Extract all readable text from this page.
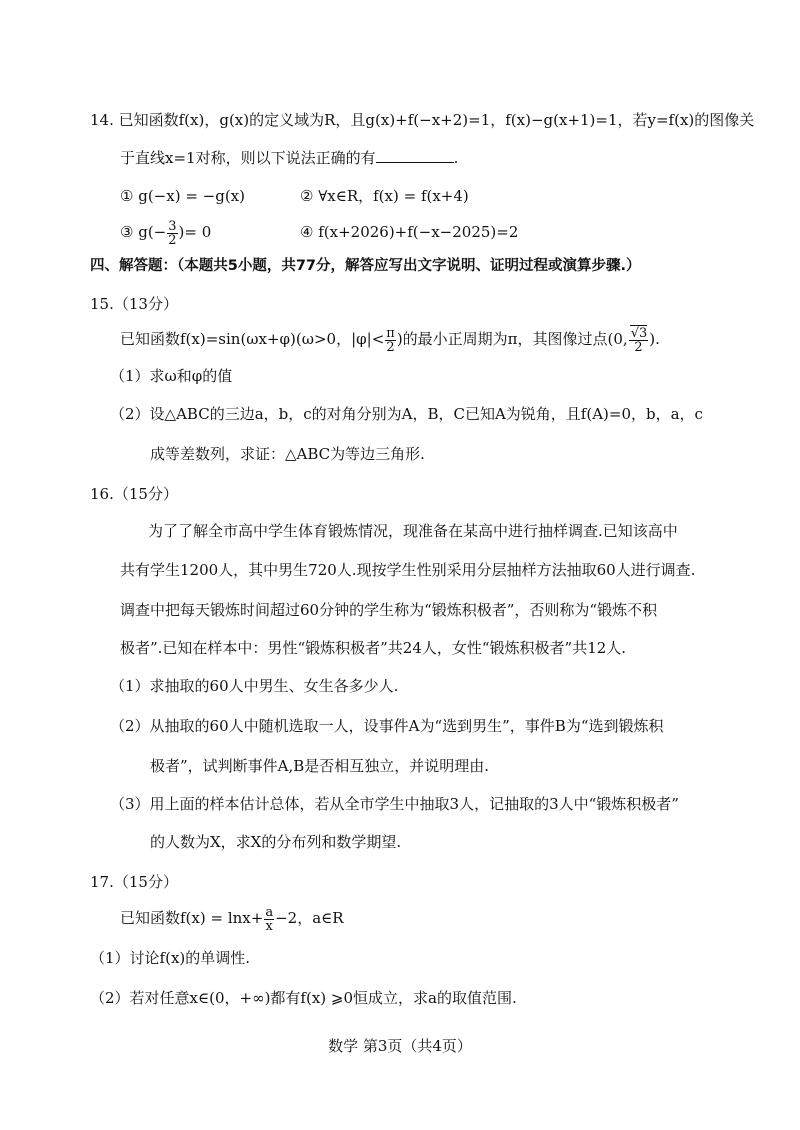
14. 已知函数f(x)，g(x)的定义域为R，且g(x)+f(−x+2)=1，f(x)−g(x+1)=1，若y=f(x)的图像关
于直线x=1对称，则以下说法正确的有	.
① g(−x) = −g(x)	② ∀x∈R，f(x) = f(x+4)
③ $g(- \frac{3}{2}$ )= 0	④ f(x+2026)+f(−x−2025)=2
四、解答题：（本题共5小题，共77分，解答应写出文字说明、证明过程或演算步骤.）
15.（13分）
已知函数f(x)=sin(ωx+φ)(ω>0，$|\varphi|< \frac{\pi}{2}$ )的最小正周期为π，其图像过点(0, $\frac{√3}{2}$ ).
（1）求ω和φ的值
（2）设△ABC的三边a，b，c的对角分别为A，B，C已知A为锐角，且f(A)=0，b，a，c
成等差数列，求证：△ABC为等边三角形.
16.（15分）
为了了解全市高中学生体育锻炼情况，现准备在某高中进行抽样调查.已知该高中
共有学生1200人，其中男生720人.现按学生性别采用分层抽样方法抽取60人进行调查.
调查中把每天锻炼时间超过60分钟的学生称为“锻炼积极者”，否则称为“锻炼不积
极者”.已知在样本中：男性“锻炼积极者”共24人，女性“锻炼积极者”共12人.
（1）求抽取的60人中男生、女生各多少人.
（2）从抽取的60人中随机选取一人，设事件A为“选到男生”，事件B为“选到锻炼积
极者”，试判断事件A,B是否相互独立，并说明理由.
（3）用上面的样本估计总体，若从全市学生中抽取3人，记抽取的3人中“锻炼积极者”
的人数为X，求X的分布列和数学期望.
17.（15分）
已知函数$f(x) = \ln x+ \frac{a}{x} -2$，a∈R
（1）讨论f(x)的单调性.
（2）若对任意x∈(0，+∞)都有f(x) ⩾0恒成立，求a的取值范围.
数学 第3页（共4页）
